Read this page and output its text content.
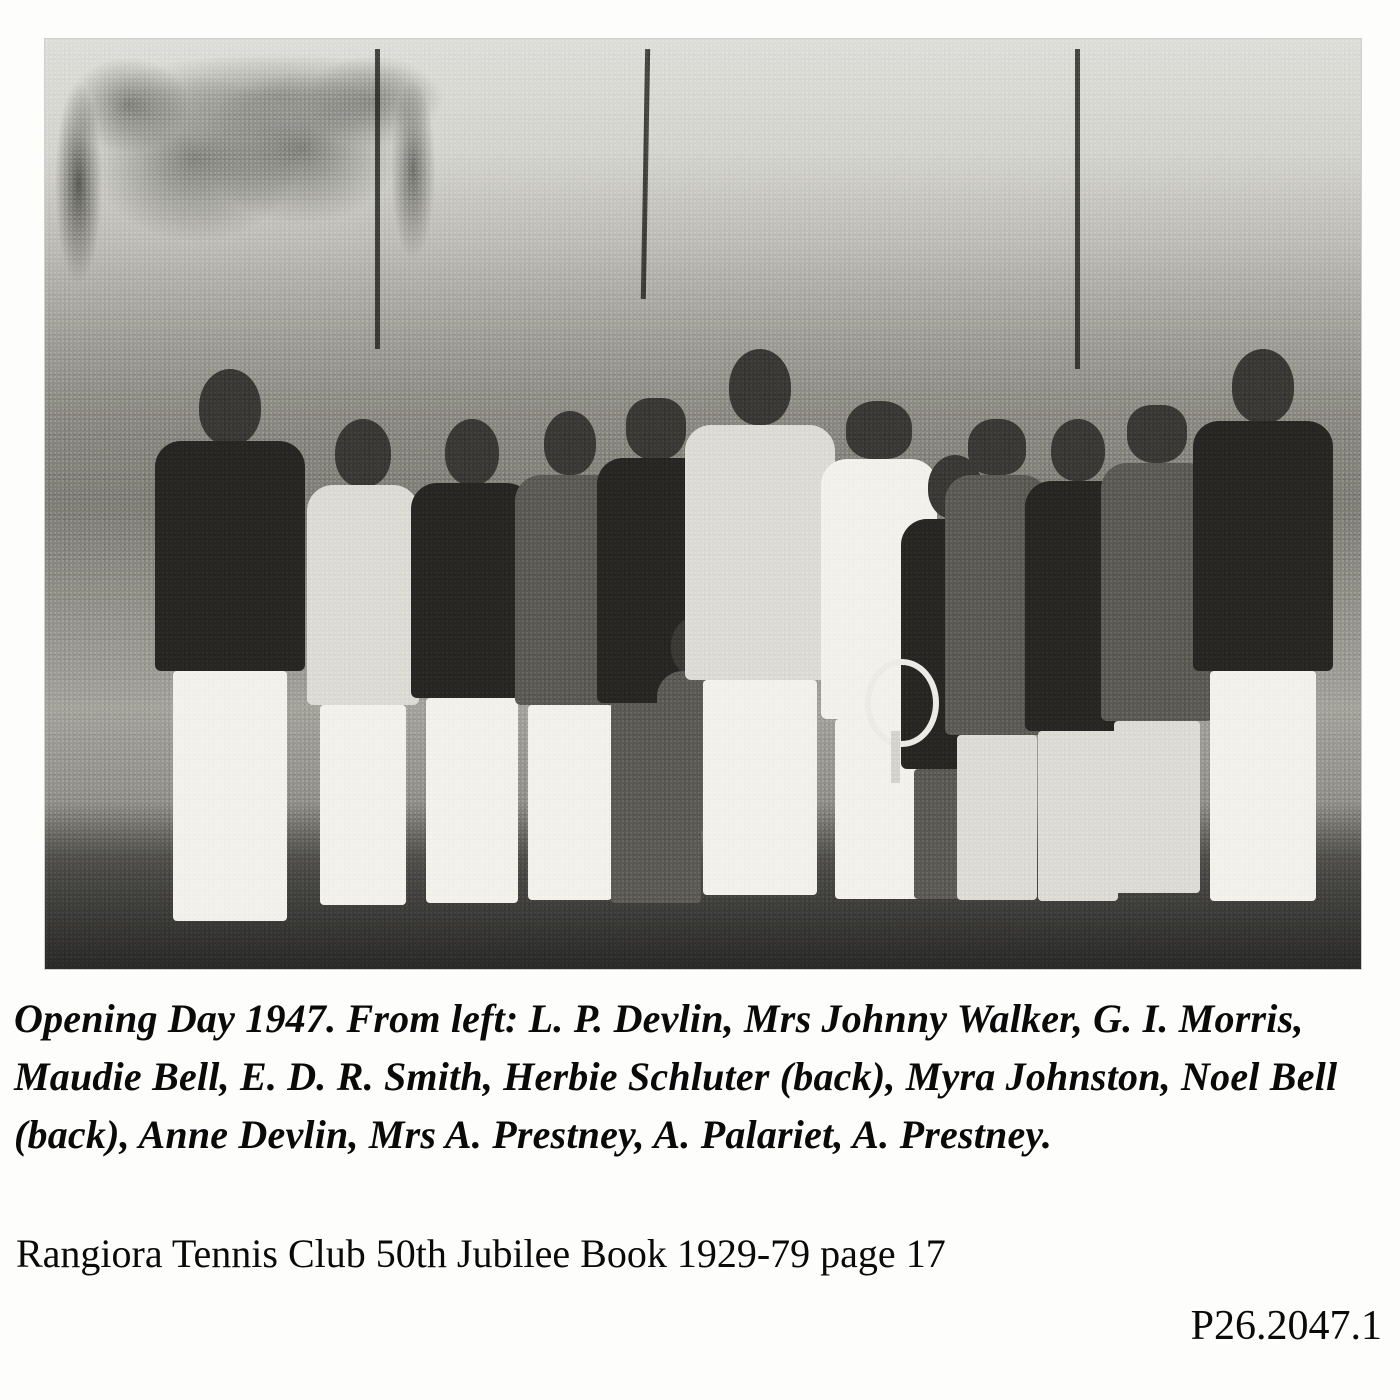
Opening Day 1947. From left: L. P. Devlin, Mrs Johnny Walker, G. I. Morris, Maudie Bell, E. D. R. Smith, Herbie Schluter (back), Myra Johnston, Noel Bell (back), Anne Devlin, Mrs A. Prestney, A. Palariet, A. Prestney.
Rangiora Tennis Club 50th Jubilee Book 1929-79 page 17
P26.2047.1
